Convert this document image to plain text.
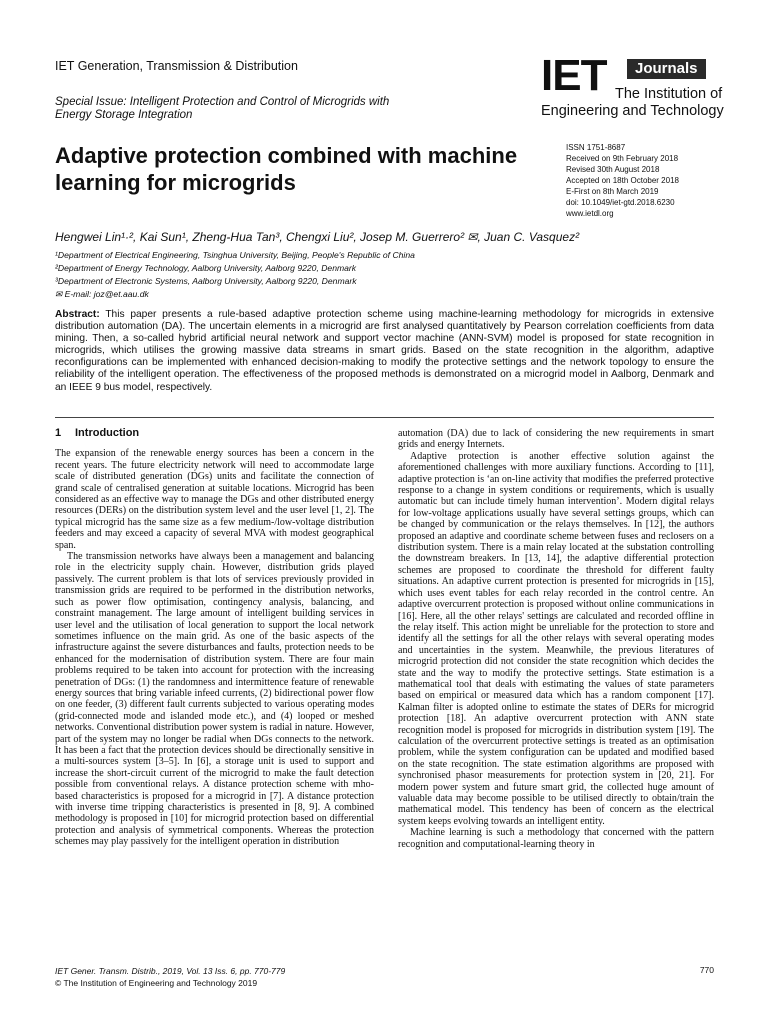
IET Generation, Transmission & Distribution
Special Issue: Intelligent Protection and Control of Microgrids with
Energy Storage Integration
IET	Journals
The Institution of
Engineering and Technology
Adaptive protection combined with machine
learning for microgrids
ISSN 1751-8687
Received on 9th February 2018
Revised 30th August 2018
Accepted on 18th October 2018
E-First on 8th March 2019
doi: 10.1049/iet-gtd.2018.6230
www.ietdl.org
Hengwei Lin¹·², Kai Sun¹, Zheng-Hua Tan³, Chengxi Liu², Josep M. Guerrero² ✉, Juan C. Vasquez²
¹Department of Electrical Engineering, Tsinghua University, Beijing, People's Republic of China
²Department of Energy Technology, Aalborg University, Aalborg 9220, Denmark
³Department of Electronic Systems, Aalborg University, Aalborg 9220, Denmark
✉ E-mail: joz@et.aau.dk
Abstract: This paper presents a rule-based adaptive protection scheme using machine-learning methodology for microgrids in extensive distribution automation (DA). The uncertain elements in a microgrid are first analysed quantitatively by Pearson correlation coefficients from data mining. Then, a so-called hybrid artificial neural network and support vector machine (ANN-SVM) model is proposed for state recognition in microgrids, which utilises the growing massive data streams in smart grids. Based on the state recognition in the algorithm, adaptive reconfigurations can be implemented with enhanced decision-making to modify the protective settings and the network topology to ensure the reliability of the intelligent operation. The effectiveness of the proposed methods is demonstrated on a microgrid model in Aalborg, Denmark and an IEEE 9 bus model, respectively.

1 Introduction

The expansion of the renewable energy sources has been a concern in the recent years. The future electricity network will need to accommodate large scale of distributed generation (DGs) units and facilitate the connection of grand scale of centralised generation at suitable locations. Microgrid has been considered as an effective way to manage the DGs and other distributed energy resources (DERs) on the distribution system level and the user level [1, 2]. The typical microgrid has the same size as a few medium-/low-voltage distribution feeders and may exceed a capacity of several MVA with modest geographical span.

The transmission networks have always been a management and balancing role in the electricity supply chain. However, distribution grids played passively. The current problem is that lots of services previously provided in transmission grids are required to be performed in the distribution networks, such as power flow optimisation, contingency analysis, balancing, and constraint management. The large amount of intelligent building services in user level and the utilisation of local generation to support the local network sometimes influence on the main grid. As one of the basic aspects of the infrastructure against the severe disturbances and faults, protection needs to be enhanced for the modernisation of distribution system. There are four main problems required to be taken into account for protection with the increasing penetration of DGs: (1) the randomness and intermittence feature of renewable energy sources that bring variable infeed currents, (2) bidirectional power flow on one feeder, (3) different fault currents subjected to various operating modes (grid-connected mode and islanded mode etc.), and (4) looped or meshed networks. Conventional distribution power system is radial in nature. However, part of the system may no longer be radial when DGs connects to the network. It has been a fact that the protection devices should be directionally sensitive in a multi-sources system [3–5]. In [6], a storage unit is used to support and increase the short-circuit current of the microgrid to make the fault detection possible from conventional relays. A distance protection scheme with mho-based characteristics is proposed for a microgrid in [7]. A distance protection with inverse time tripping characteristics is presented in [8, 9]. A combined methodology is proposed in [10] for microgrid protection based on differential protection and analysis of symmetrical components. Whereas the protection schemes may play passively for the intelligent operation in distribution

automation (DA) due to lack of considering the new requirements in smart grids and energy Internets.

Adaptive protection is another effective solution against the aforementioned challenges with more auxiliary functions. According to [11], adaptive protection is ‘an on-line activity that modifies the preferred protective response to a change in system conditions or requirements, which is usually automatic but can include timely human intervention’. Modern digital relays for low-voltage applications usually have several settings groups, which can be changed by communication or the relays themselves. In [12], the authors proposed an adaptive and coordinate scheme between fuses and reclosers on a distribution system. There is a main relay located at the substation controlling the downstream breakers. In [13, 14], the adaptive differential protection schemes are proposed to coordinate the threshold for different faulty situations. An adaptive current protection is presented for microgrids in [15], which uses event tables for each relay recorded in the control centre. An adaptive overcurrent protection is proposed without online communications in [16]. Here, all the other relays' settings are calculated and recorded offline in the relay itself. This action might be unreliable for the protection to store and identify all the settings for all the other relays with several operating modes and uncertainties in the system. Meanwhile, the previous literatures of microgrid protection did not consider the state recognition which decides the state and the way to modify the protective settings. State estimation is a mathematical tool that deals with estimating the values of state parameters based on empirical or measured data which has a random component [17]. Kalman filter is adopted online to estimate the states of DERs for microgrid protection [18]. An adaptive overcurrent protection with ANN state recognition model is proposed for microgrids in distribution system [19]. The calculation of the overcurrent protective settings is treated as an optimisation problem, while the system configuration can be updated and modified based on the state recognition. The state estimation algorithms are proposed with synchronised phasor measurements for protection system in [20, 21]. For modern power system and future smart grid, the collected huge amount of valuable data may become possible to be utilised directly to obtain/train the mathematical model. This tendency has been of concern as the electrical system keeps evolving towards an intelligent entity.

Machine learning is such a methodology that concerned with the pattern recognition and computational-learning theory in

IET Gener. Transm. Distrib., 2019, Vol. 13 Iss. 6, pp. 770-779
© The Institution of Engineering and Technology 2019
770
